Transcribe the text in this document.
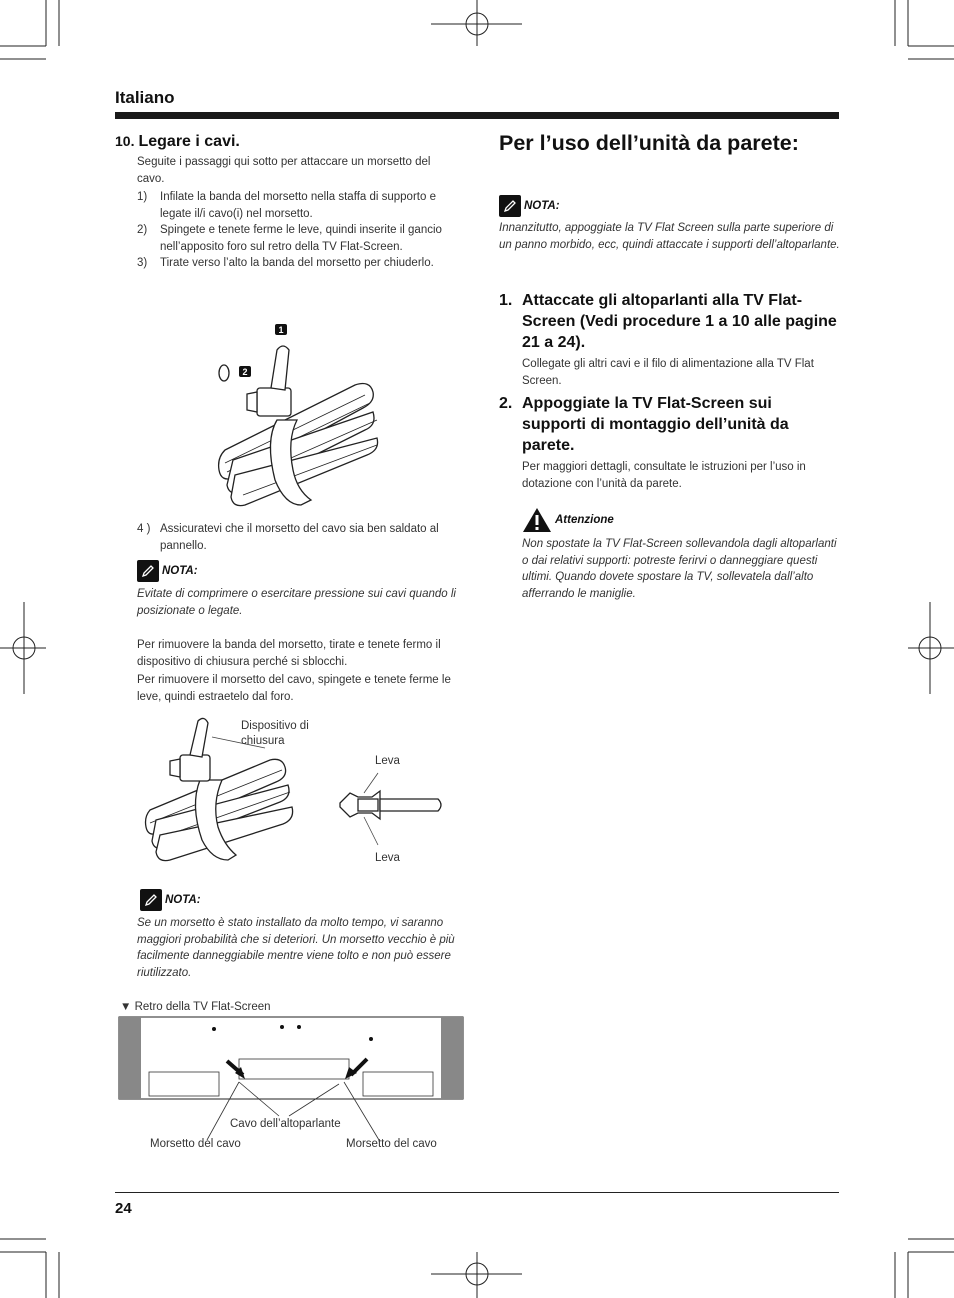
Italiano
10. Legare i cavi.
Seguite i passaggi qui sotto per attaccare un morsetto del cavo.
1) Infilate la banda del morsetto nella staffa di supporto e legate il/i cavo(i) nel morsetto.
2) Spingete e tenete ferme le leve, quindi inserite il gancio nell’apposito foro sul retro della TV Flat-Screen.
3) Tirate verso l’alto la banda del morsetto per chiuderlo.
1
2
4 ) Assicuratevi che il morsetto del cavo sia ben saldato al pannello.
NOTA:
Evitate di comprimere o esercitare pressione sui cavi quando li posizionate o legate.
Per rimuovere la banda del morsetto, tirate e tenete fermo il dispositivo di chiusura perché si sblocchi.
Per rimuovere il morsetto del cavo, spingete e tenete ferme le leve, quindi estraetelo dal foro.
Dispositivo di chiusura
Leva
Leva
NOTA:
Se un morsetto è stato installato da molto tempo, vi saranno maggiori probabilità che si deteriori. Un morsetto vecchio è più facilmente danneggiabile mentre viene tolto e non può essere riutilizzato.
▼ Retro della TV Flat-Screen
Cavo dell’altoparlante
Morsetto del cavo	Morsetto del cavo
Per l’uso dell’unità da parete:
NOTA:
Innanzitutto, appoggiate la TV Flat Screen sulla parte superiore di un panno morbido, ecc, quindi attaccate i supporti dell’altoparlante.
1. Attaccate gli altoparlanti alla TV Flat-Screen (Vedi procedure 1 a 10 alle pagine 21 a 24).
Collegate gli altri cavi e il filo di alimentazione alla TV Flat Screen.
2. Appoggiate la TV Flat-Screen sui supporti di montaggio dell’unità da parete.
Per maggiori dettagli, consultate le istruzioni per l’uso in dotazione con l’unità da parete.
Attenzione
Non spostate la TV Flat-Screen sollevandola dagli altoparlanti o dai relativi supporti: potreste ferirvi o danneggiare questi ultimi. Quando dovete spostare la TV, sollevatela dall’alto afferrando le maniglie.
24
